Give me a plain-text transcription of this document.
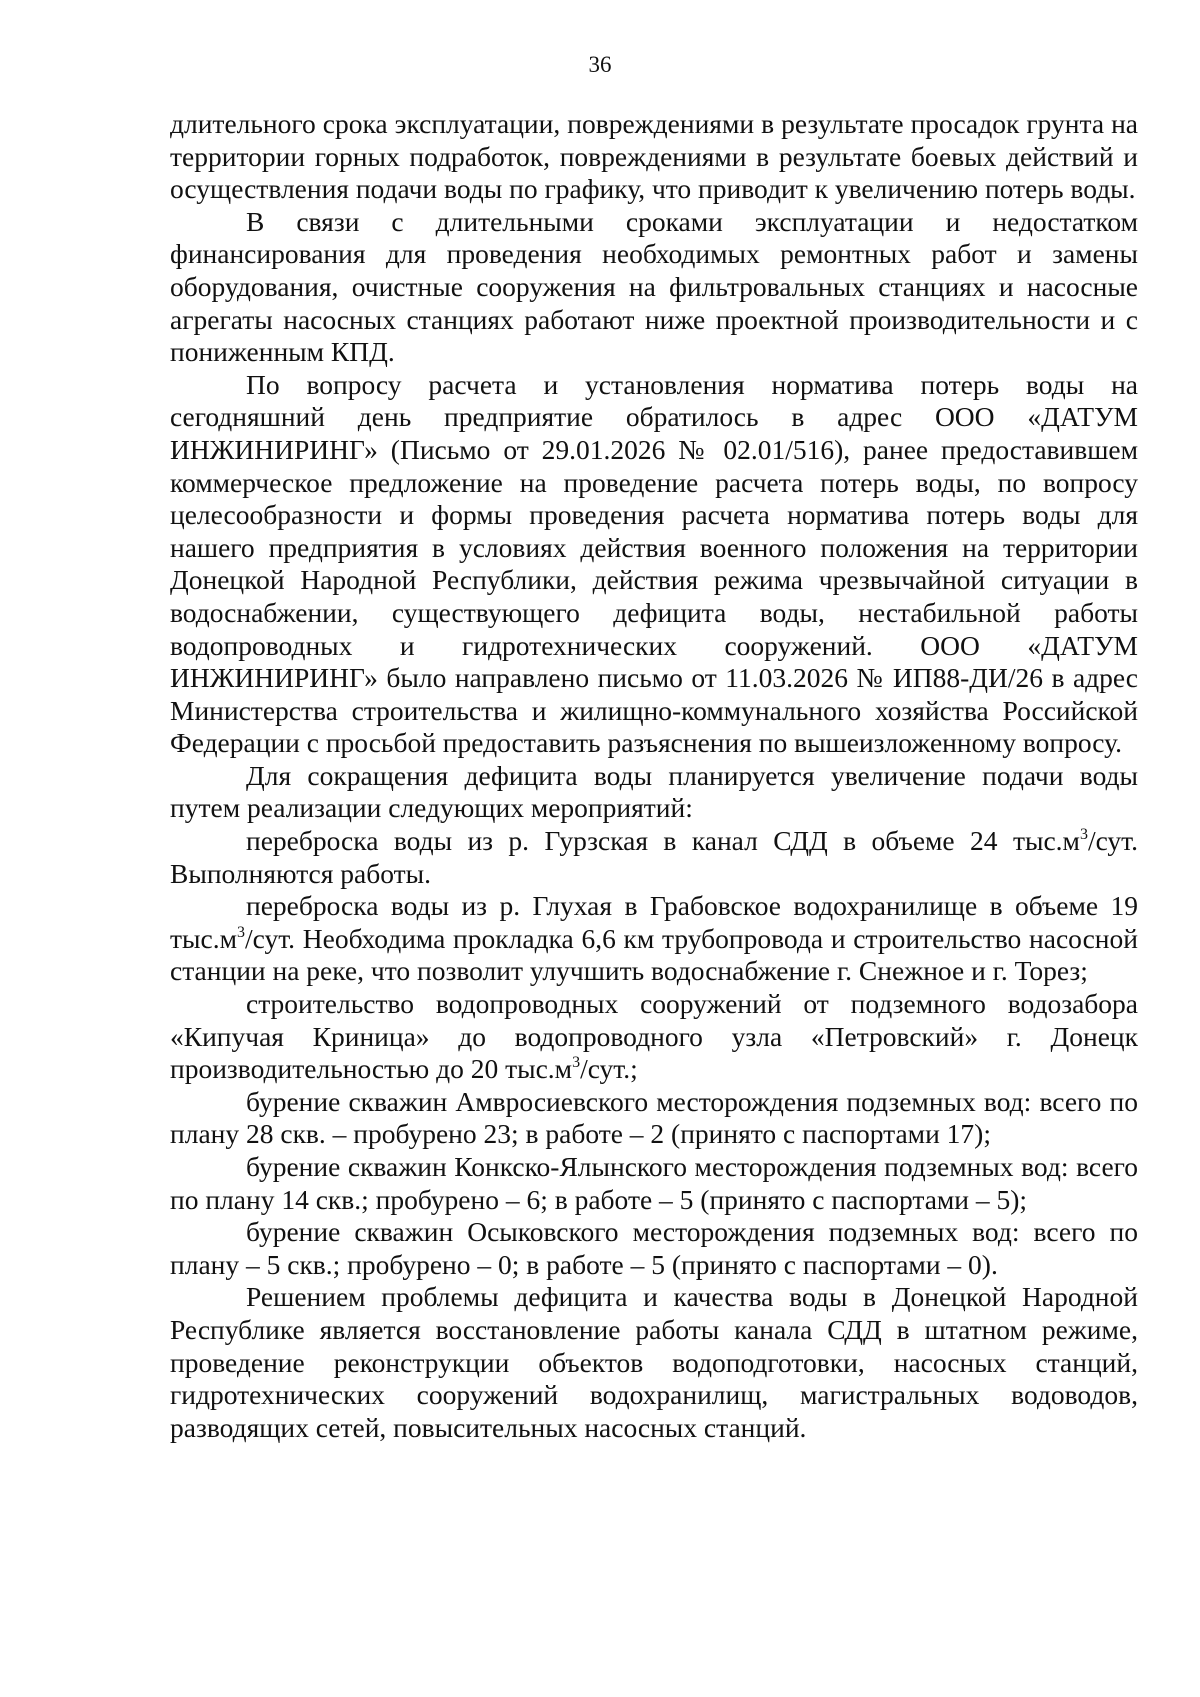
36

длительного срока эксплуатации, повреждениями в результате просадок грунта на территории горных подработок, повреждениями в результате боевых действий и осуществления подачи воды по графику, что приводит к увеличению потерь воды.

В связи с длительными сроками эксплуатации и недостатком финансирования для проведения необходимых ремонтных работ и замены оборудования, очистные сооружения на фильтровальных станциях и насосные агрегаты насосных станциях работают ниже проектной производительности и с пониженным КПД.

По вопросу расчета и установления норматива потерь воды на сегодняшний день предприятие обратилось в адрес ООО «ДАТУМ ИНЖИНИРИНГ» (Письмо от 29.01.2026 № 02.01/516), ранее предоставившем коммерческое предложение на проведение расчета потерь воды, по вопросу целесообразности и формы проведения расчета норматива потерь воды для нашего предприятия в условиях действия военного положения на территории Донецкой Народной Республики, действия режима чрезвычайной ситуации в водоснабжении, существующего дефицита воды, нестабильной работы водопроводных и гидротехнических сооружений. ООО «ДАТУМ ИНЖИНИРИНГ» было направлено письмо от 11.03.2026 № ИП88-ДИ/26 в адрес Министерства строительства и жилищно-коммунального хозяйства Российской Федерации с просьбой предоставить разъяснения по вышеизложенному вопросу.

Для сокращения дефицита воды планируется увеличение подачи воды путем реализации следующих мероприятий:

переброска воды из р. Гурзская в канал СДД в объеме 24 $тыс.м^3$/сут. Выполняются работы.

переброска воды из р. Глухая в Грабовское водохранилище в объеме 19 $тыс.м^3$/сут. Необходима прокладка 6,6 км трубопровода и строительство насосной станции на реке, что позволит улучшить водоснабжение г. Снежное и г. Торез;

строительство водопроводных сооружений от подземного водозабора «Кипучая Криница» до водопроводного узла «Петровский» г. Донецк производительностью до 20 $тыс.м^3$/сут.;

бурение скважин Амвросиевского месторождения подземных вод: всего по плану 28 скв. – пробурено 23; в работе – 2 (принято с паспортами 17);

бурение скважин Конкско-Ялынского месторождения подземных вод: всего по плану 14 скв.; пробурено – 6; в работе – 5 (принято с паспортами – 5);

бурение скважин Осыковского месторождения подземных вод: всего по плану – 5 скв.; пробурено – 0; в работе – 5 (принято с паспортами – 0).

Решением проблемы дефицита и качества воды в Донецкой Народной Республике является восстановление работы канала СДД в штатном режиме, проведение реконструкции объектов водоподготовки, насосных станций, гидротехнических сооружений водохранилищ, магистральных водоводов, разводящих сетей, повысительных насосных станций.
